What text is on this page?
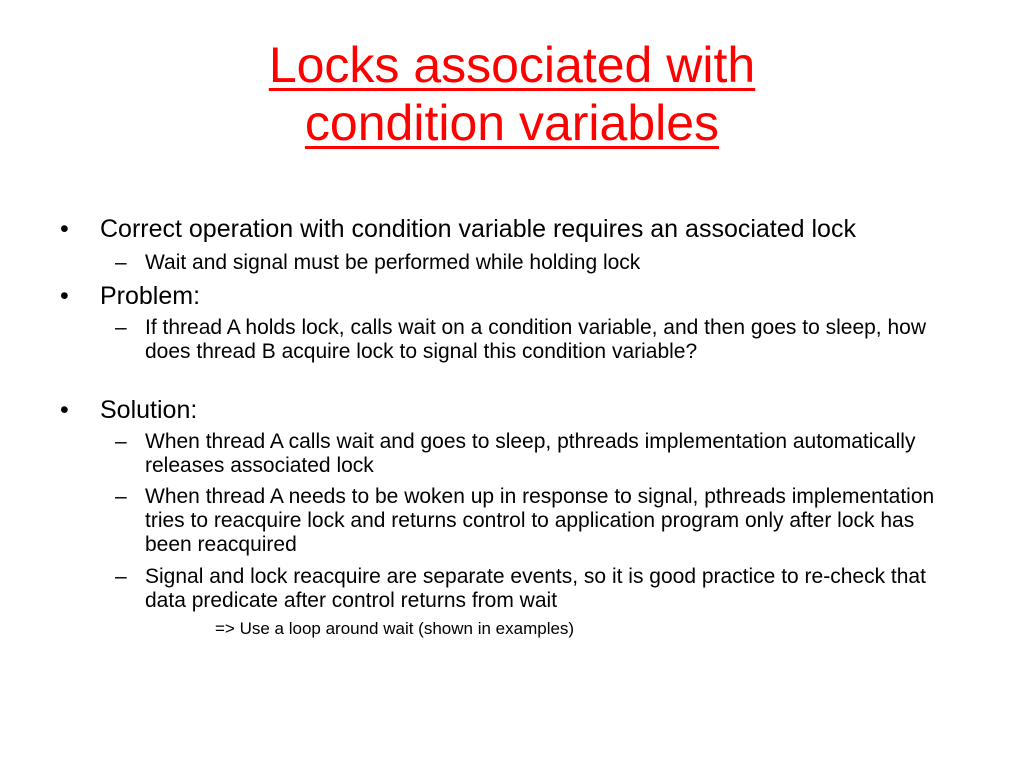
Locks associated with
condition variables

• Correct operation with condition variable requires an associated lock

– Wait and signal must be performed while holding lock

• Problem:

– If thread A holds lock, calls wait on a condition variable, and then goes to sleep, how does thread B acquire lock to signal this condition variable?

• Solution:

– When thread A calls wait and goes to sleep, pthreads implementation automatically releases associated lock

– When thread A needs to be woken up in response to signal, pthreads implementation tries to reacquire lock and returns control to application program only after lock has been reacquired

– Signal and lock reacquire are separate events, so it is good practice to re-check that data predicate after control returns from wait

=> Use a loop around wait (shown in examples)
